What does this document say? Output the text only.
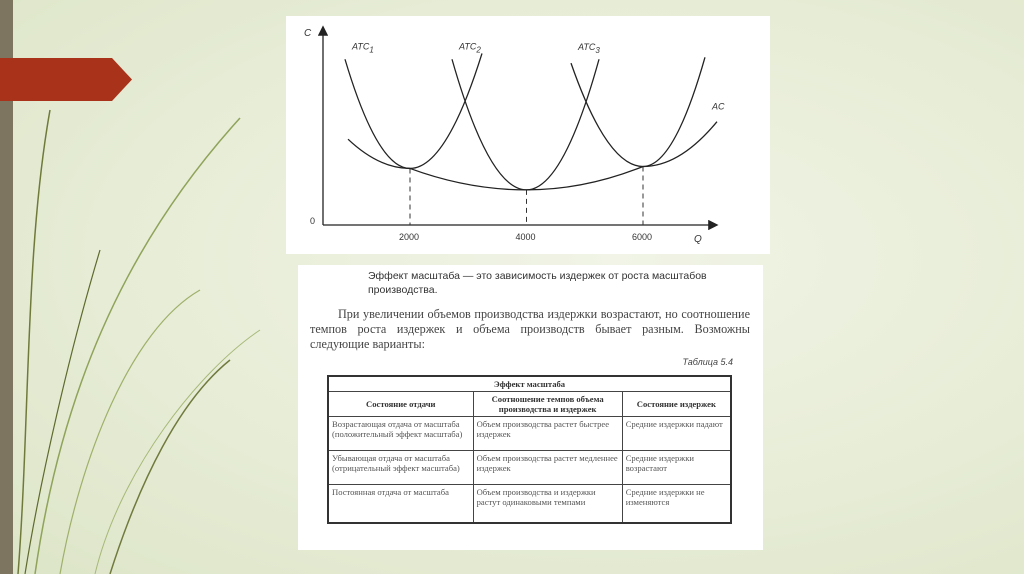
C
Q
0
2000	4000	6000
AC
ATC1	ATC2	ATC3
Эффект масштаба — это зависимость издержек от роста масштабов производства.
При увеличении объемов производства издержки возрастают, но соотношение темпов роста издержек и объема производств бывает разным. Возможны следующие варианты:
Таблица 5.4
Эффект масштаба		
Состояние отдачи	Соотношение темпов объема производства и издержек	Состояние издержек
Возрастающая отдача от масштаба (положительный эффект масштаба)	Объем производства растет быстрее издержек	Средние издержки падают
Убывающая отдача от масштаба (отрицательный эффект масштаба)	Объем производства растет медленнее издержек	Средние издержки возрастают
Постоянная отдача от масштаба	Объем производства и издержки растут одинаковыми темпами	Средние издержки не изменяются
